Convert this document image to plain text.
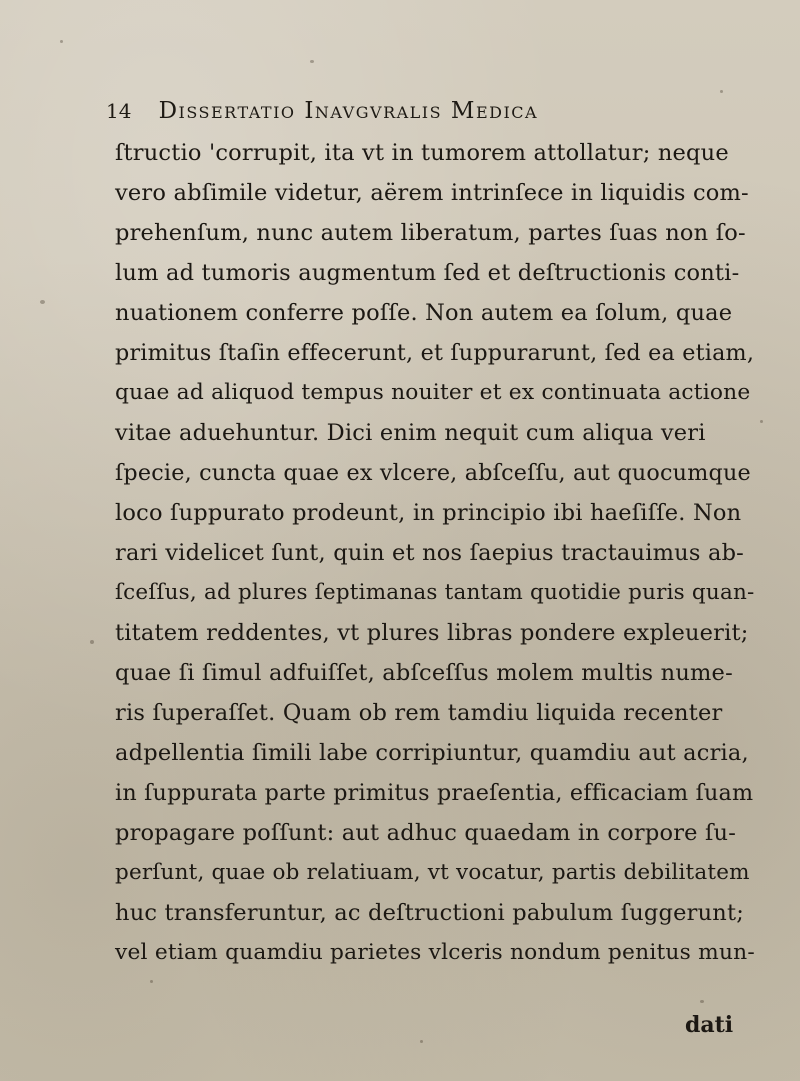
14 Dissertatio Inavgvralis Medica
ſtructio 'corrupit, ita vt in tumorem attollatur; neque
vero abſimile videtur, aërem intrinſece in liquidis com-
prehenſum, nunc autem liberatum, partes ſuas non ſo-
lum ad tumoris augmentum ſed et deſtructionis conti-
nuationem conferre poſſe. Non autem ea ſolum, quae
primitus ſtaſin effecerunt, et ſuppurarunt, ſed ea etiam,
quae ad aliquod tempus nouiter et ex continuata actione
vitae aduehuntur. Dici enim nequit cum aliqua veri
ſpecie, cuncta quae ex vlcere, abſceſſu, aut quocumque
loco ſuppurato prodeunt, in principio ibi haeſiſſe. Non
rari videlicet ſunt, quin et nos ſaepius tractauimus ab-
ſceſſus, ad plures ſeptimanas tantam quotidie puris quan-
titatem reddentes, vt plures libras pondere expleuerit;
quae ſi ſimul adfuiſſet, abſceſſus molem multis nume-
ris ſuperaſſet. Quam ob rem tamdiu liquida recenter
adpellentia ſimili labe corripiuntur, quamdiu aut acria,
in ſuppurata parte primitus praeſentia, efficaciam ſuam
propagare poſſunt: aut adhuc quaedam in corpore ſu-
perſunt, quae ob relatiuam, vt vocatur, partis debilitatem
huc transferuntur, ac deſtructioni pabulum ſuggerunt;
vel etiam quamdiu parietes vlceris nondum penitus mun-
dati
